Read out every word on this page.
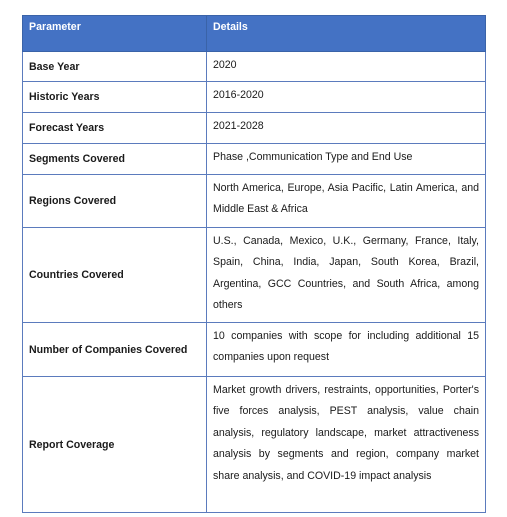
Parameter	Details
Base Year	2020
Historic Years	2016-2020
Forecast Years	2021-2028
Segments Covered	Phase ,Communication Type and End Use
Regions Covered	North America, Europe, Asia Pacific, Latin America, and Middle East & Africa
Countries Covered	U.S., Canada, Mexico, U.K., Germany, France, Italy, Spain, China, India, Japan, South Korea, Brazil, Argentina, GCC Countries, and South Africa, among others
Number of Companies Covered	10 companies with scope for including additional 15 companies upon request
Report Coverage	Market growth drivers, restraints, opportunities, Porter's five forces analysis, PEST analysis, value chain analysis, regulatory landscape, market attractiveness analysis by segments and region, company market share analysis, and COVID-19 impact analysis
